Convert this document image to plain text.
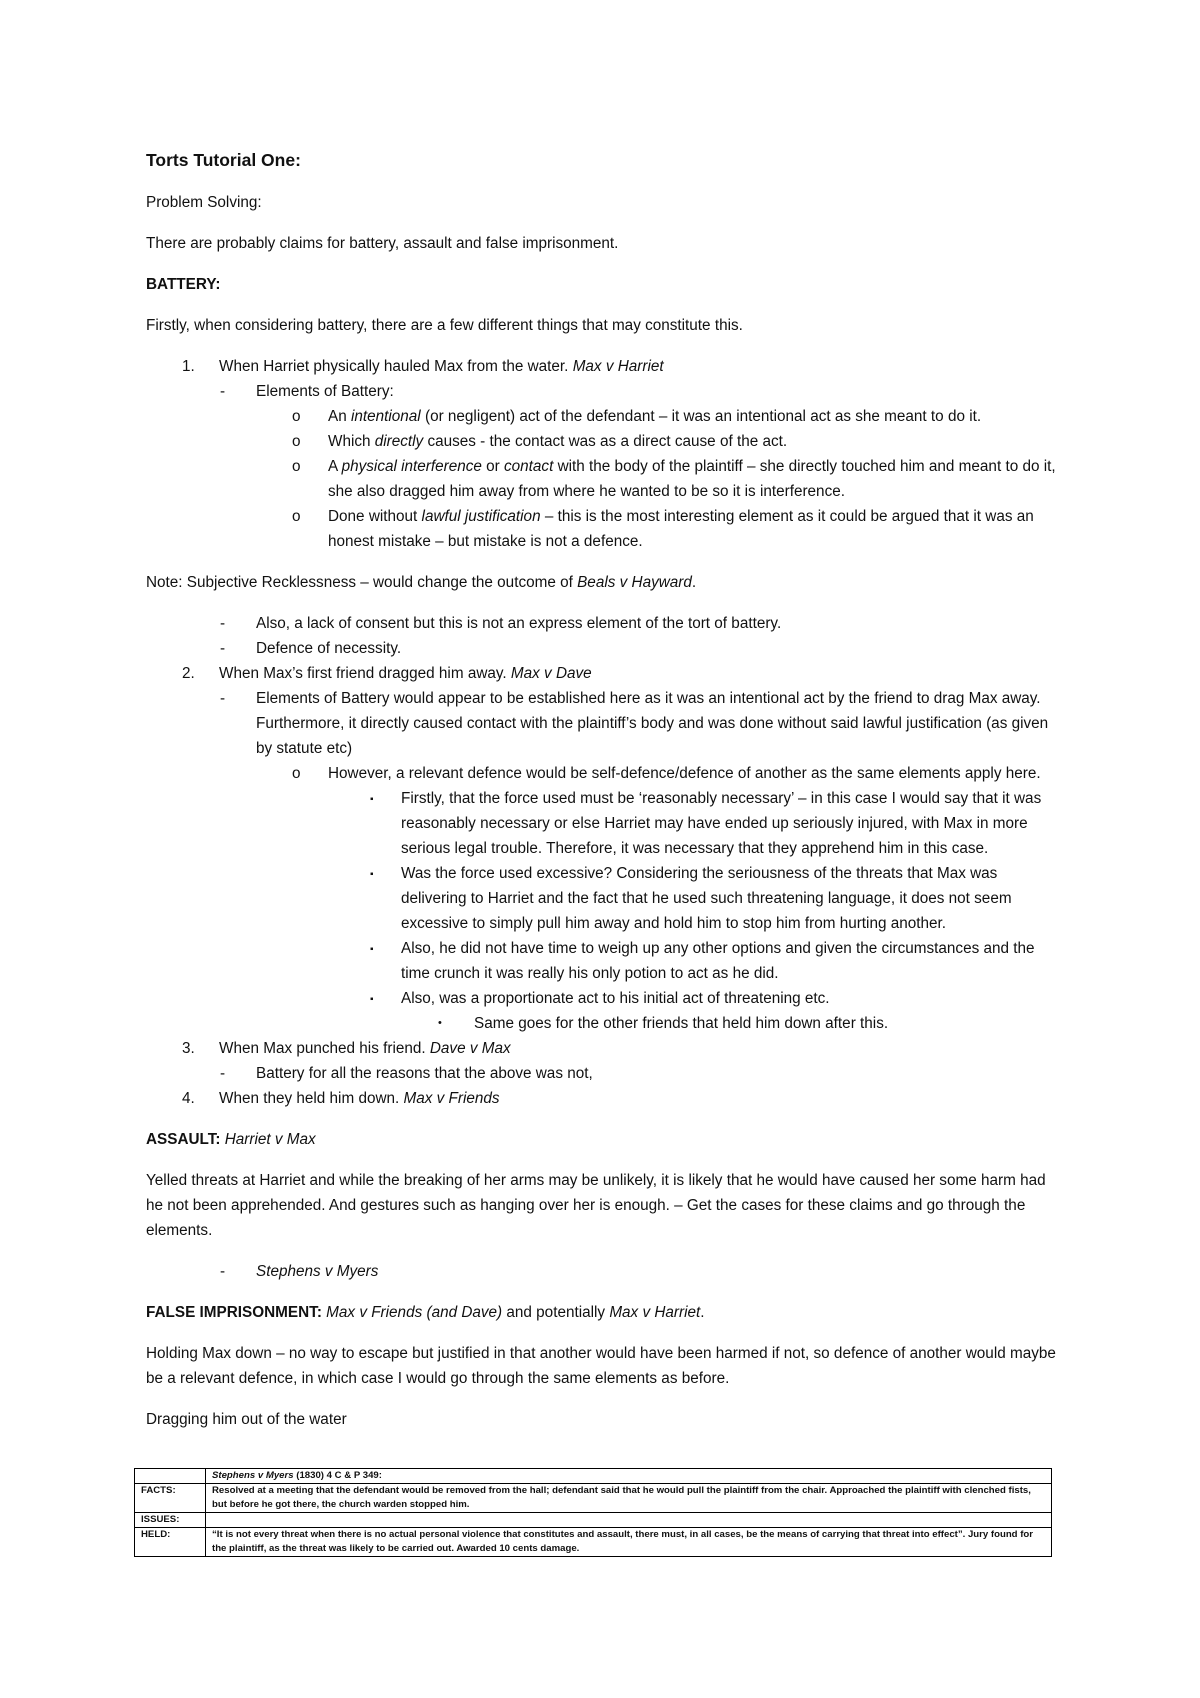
Torts Tutorial One:

Problem Solving:

There are probably claims for battery, assault and false imprisonment.

BATTERY:

Firstly, when considering battery, there are a few different things that may constitute this.

1. When Harriet physically hauled Max from the water. Max v Harriet
- Elements of Battery:
o An intentional (or negligent) act of the defendant – it was an intentional act as she meant to do it.
o Which directly causes - the contact was as a direct cause of the act.
o A physical interference or contact with the body of the plaintiff – she directly touched him and meant to do it, she also dragged him away from where he wanted to be so it is interference.
o Done without lawful justification – this is the most interesting element as it could be argued that it was an honest mistake – but mistake is not a defence.

Note: Subjective Recklessness – would change the outcome of Beals v Hayward.

- Also, a lack of consent but this is not an express element of the tort of battery.
- Defence of necessity.
2. When Max’s first friend dragged him away. Max v Dave
- Elements of Battery would appear to be established here as it was an intentional act by the friend to drag Max away. Furthermore, it directly caused contact with the plaintiff’s body and was done without said lawful justification (as given by statute etc)
o However, a relevant defence would be self-defence/defence of another as the same elements apply here.
▪ Firstly, that the force used must be ‘reasonably necessary’ – in this case I would say that it was reasonably necessary or else Harriet may have ended up seriously injured, with Max in more serious legal trouble. Therefore, it was necessary that they apprehend him in this case.
▪ Was the force used excessive? Considering the seriousness of the threats that Max was delivering to Harriet and the fact that he used such threatening language, it does not seem excessive to simply pull him away and hold him to stop him from hurting another.
▪ Also, he did not have time to weigh up any other options and given the circumstances and the time crunch it was really his only potion to act as he did.
▪ Also, was a proportionate act to his initial act of threatening etc.
• Same goes for the other friends that held him down after this.
3. When Max punched his friend. Dave v Max
- Battery for all the reasons that the above was not,
4. When they held him down. Max v Friends

ASSAULT: Harriet v Max

Yelled threats at Harriet and while the breaking of her arms may be unlikely, it is likely that he would have caused her some harm had he not been apprehended. And gestures such as hanging over her is enough. – Get the cases for these claims and go through the elements.

- Stephens v Myers

FALSE IMPRISONMENT: Max v Friends (and Dave) and potentially Max v Harriet.

Holding Max down – no way to escape but justified in that another would have been harmed if not, so defence of another would maybe be a relevant defence, in which case I would go through the same elements as before.

Dragging him out of the water

	Stephens v Myers (1830) 4 C & P 349:
FACTS:	Resolved at a meeting that the defendant would be removed from the hall; defendant said that he would pull the plaintiff from the chair. Approached the plaintiff with clenched fists, but before he got there, the church warden stopped him.
ISSUES:	
HELD:	“It is not every threat when there is no actual personal violence that constitutes and assault, there must, in all cases, be the means of carrying that threat into effect”. Jury found for the plaintiff, as the threat was likely to be carried out. Awarded 10 cents damage.
